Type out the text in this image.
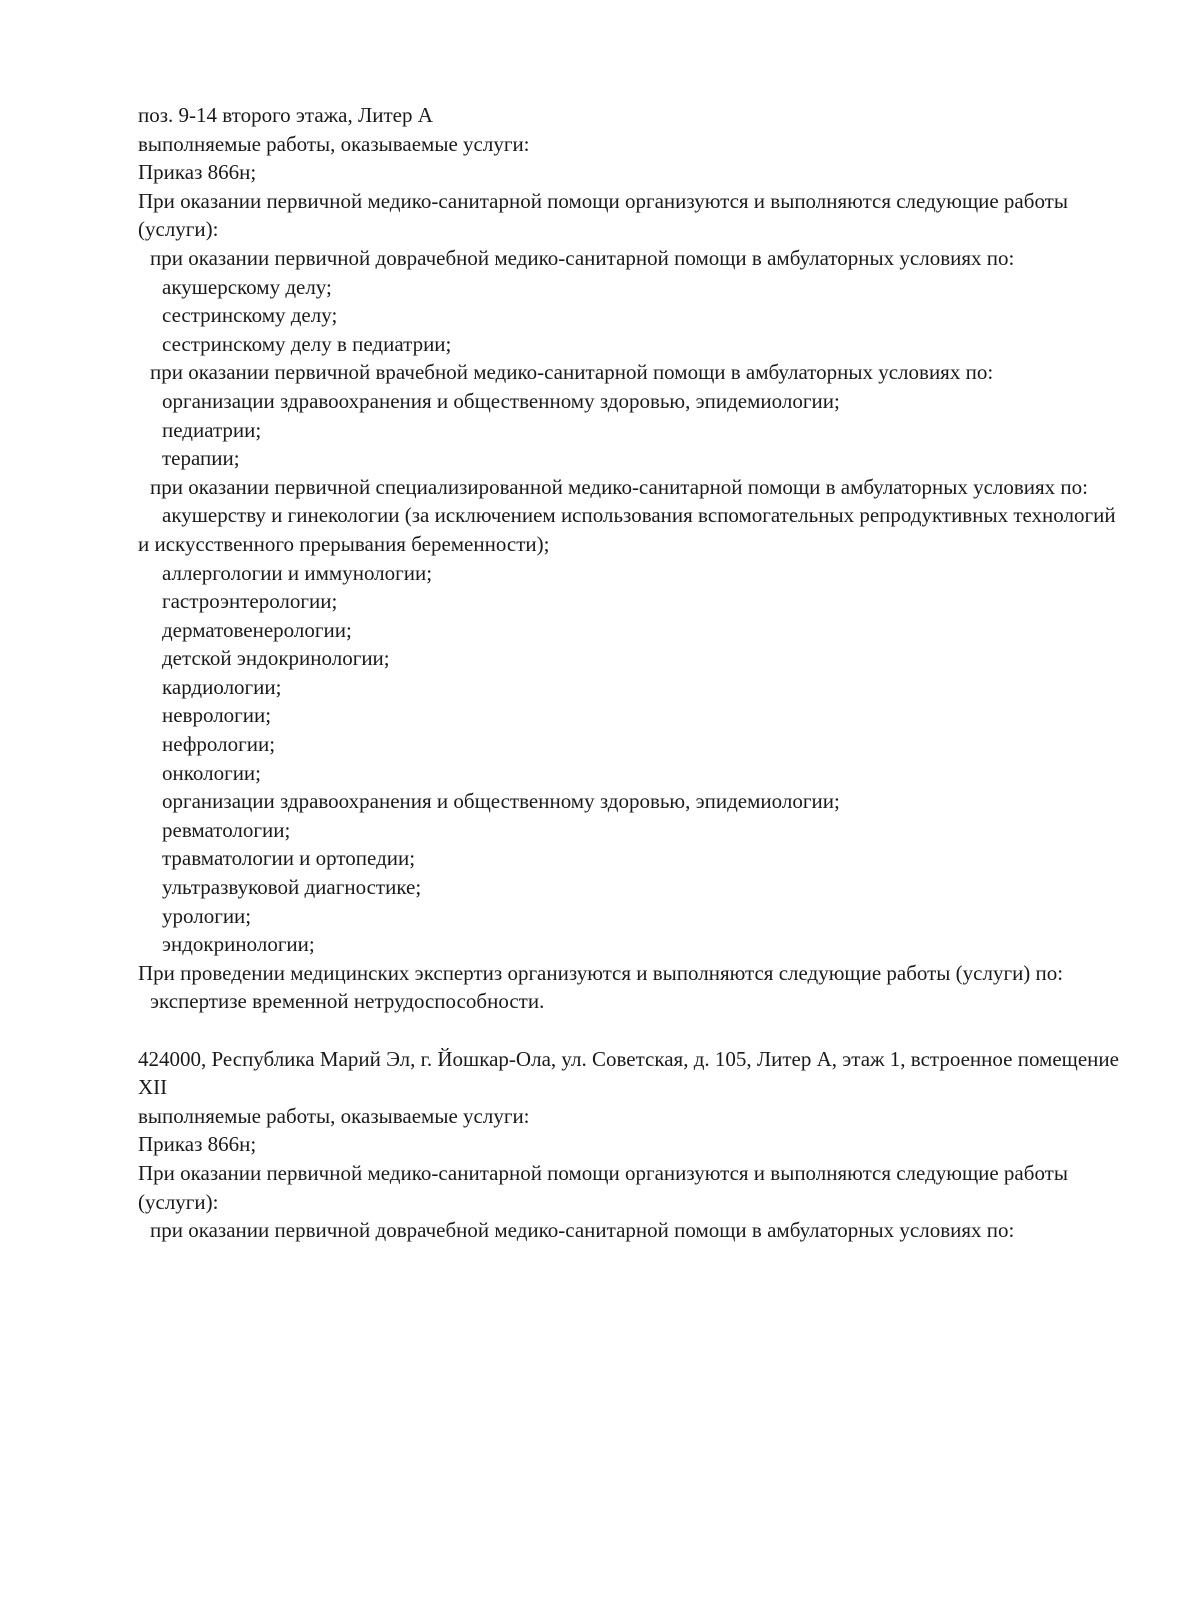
поз. 9-14 второго этажа, Литер А
выполняемые работы, оказываемые услуги:
Приказ 866н;
При оказании первичной медико-санитарной помощи организуются и выполняются следующие работы (услуги):
при оказании первичной доврачебной медико-санитарной помощи в амбулаторных условиях по:
акушерскому делу;
сестринскому делу;
сестринскому делу в педиатрии;
при оказании первичной врачебной медико-санитарной помощи в амбулаторных условиях по:
организации здравоохранения и общественному здоровью, эпидемиологии;
педиатрии;
терапии;
при оказании первичной специализированной медико-санитарной помощи в амбулаторных условиях по:
акушерству и гинекологии (за исключением использования вспомогательных репродуктивных технологий и искусственного прерывания беременности);
аллергологии и иммунологии;
гастроэнтерологии;
дерматовенерологии;
детской эндокринологии;
кардиологии;
неврологии;
нефрологии;
онкологии;
организации здравоохранения и общественному здоровью, эпидемиологии;
ревматологии;
травматологии и ортопедии;
ультразвуковой диагностике;
урологии;
эндокринологии;
При проведении медицинских экспертиз организуются и выполняются следующие работы (услуги) по:
экспертизе временной нетрудоспособности.
424000, Республика Марий Эл, г. Йошкар-Ола, ул. Советская, д. 105, Литер А, этаж 1, встроенное помещение XII
выполняемые работы, оказываемые услуги:
Приказ 866н;
При оказании первичной медико-санитарной помощи организуются и выполняются следующие работы (услуги):
при оказании первичной доврачебной медико-санитарной помощи в амбулаторных условиях по:
